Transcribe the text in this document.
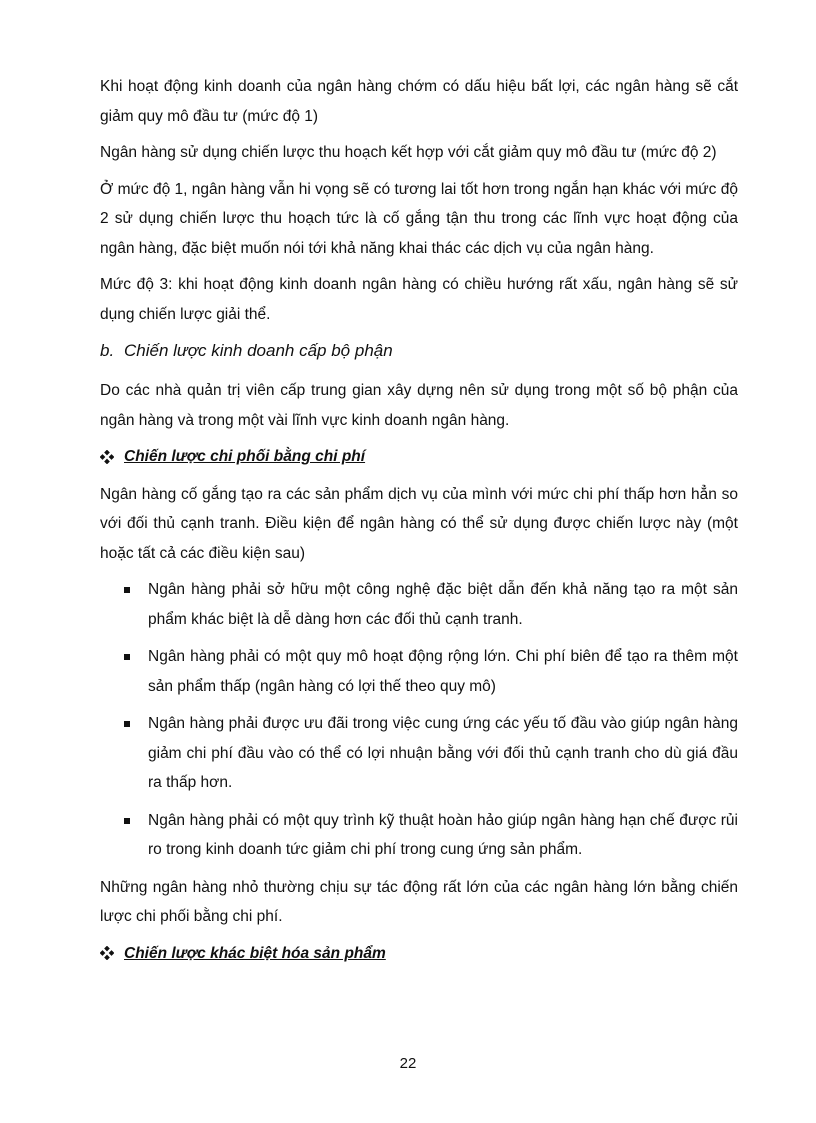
Khi hoạt động kinh doanh của ngân hàng chớm có dấu hiệu bất lợi, các ngân hàng sẽ cắt giảm quy mô đầu tư (mức độ 1)

Ngân hàng sử dụng chiến lược thu hoạch kết hợp với cắt giảm quy mô đầu tư (mức độ 2)

Ở mức độ 1, ngân hàng vẫn hi vọng sẽ có tương lai tốt hơn trong ngắn hạn khác với mức độ 2 sử dụng chiến lược thu hoạch tức là cố gắng tận thu trong các lĩnh vực hoạt động của ngân hàng, đặc biệt muốn nói tới khả năng khai thác các dịch vụ của ngân hàng.

Mức độ 3: khi hoạt động kinh doanh ngân hàng có chiều hướng rất xấu, ngân hàng sẽ sử dụng chiến lược giải thể.

b. Chiến lược kinh doanh cấp bộ phận

Do các nhà quản trị viên cấp trung gian xây dựng nên sử dụng trong một số bộ phận của ngân hàng và trong một vài lĩnh vực kinh doanh ngân hàng.

Chiến lược chi phối bằng chi phí

Ngân hàng cố gắng tạo ra các sản phẩm dịch vụ của mình với mức chi phí thấp hơn hẳn so với đối thủ cạnh tranh. Điều kiện để ngân hàng có thể sử dụng được chiến lược này (một hoặc tất cả các điều kiện sau)

Ngân hàng phải sở hữu một công nghệ đặc biệt dẫn đến khả năng tạo ra một sản phẩm khác biệt là dễ dàng hơn các đối thủ cạnh tranh.
Ngân hàng phải có một quy mô hoạt động rộng lớn. Chi phí biên để tạo ra thêm một sản phẩm thấp (ngân hàng có lợi thế theo quy mô)
Ngân hàng phải được ưu đãi trong việc cung ứng các yếu tố đầu vào giúp ngân hàng giảm chi phí đầu vào có thể có lợi nhuận bằng với đối thủ cạnh tranh cho dù giá đầu ra thấp hơn.
Ngân hàng phải có một quy trình kỹ thuật hoàn hảo giúp ngân hàng hạn chế được rủi ro trong kinh doanh tức giảm chi phí trong cung ứng sản phẩm.

Những ngân hàng nhỏ thường chịu sự tác động rất lớn của các ngân hàng lớn bằng chiến lược chi phối bằng chi phí.

Chiến lược khác biệt hóa sản phẩm
22
